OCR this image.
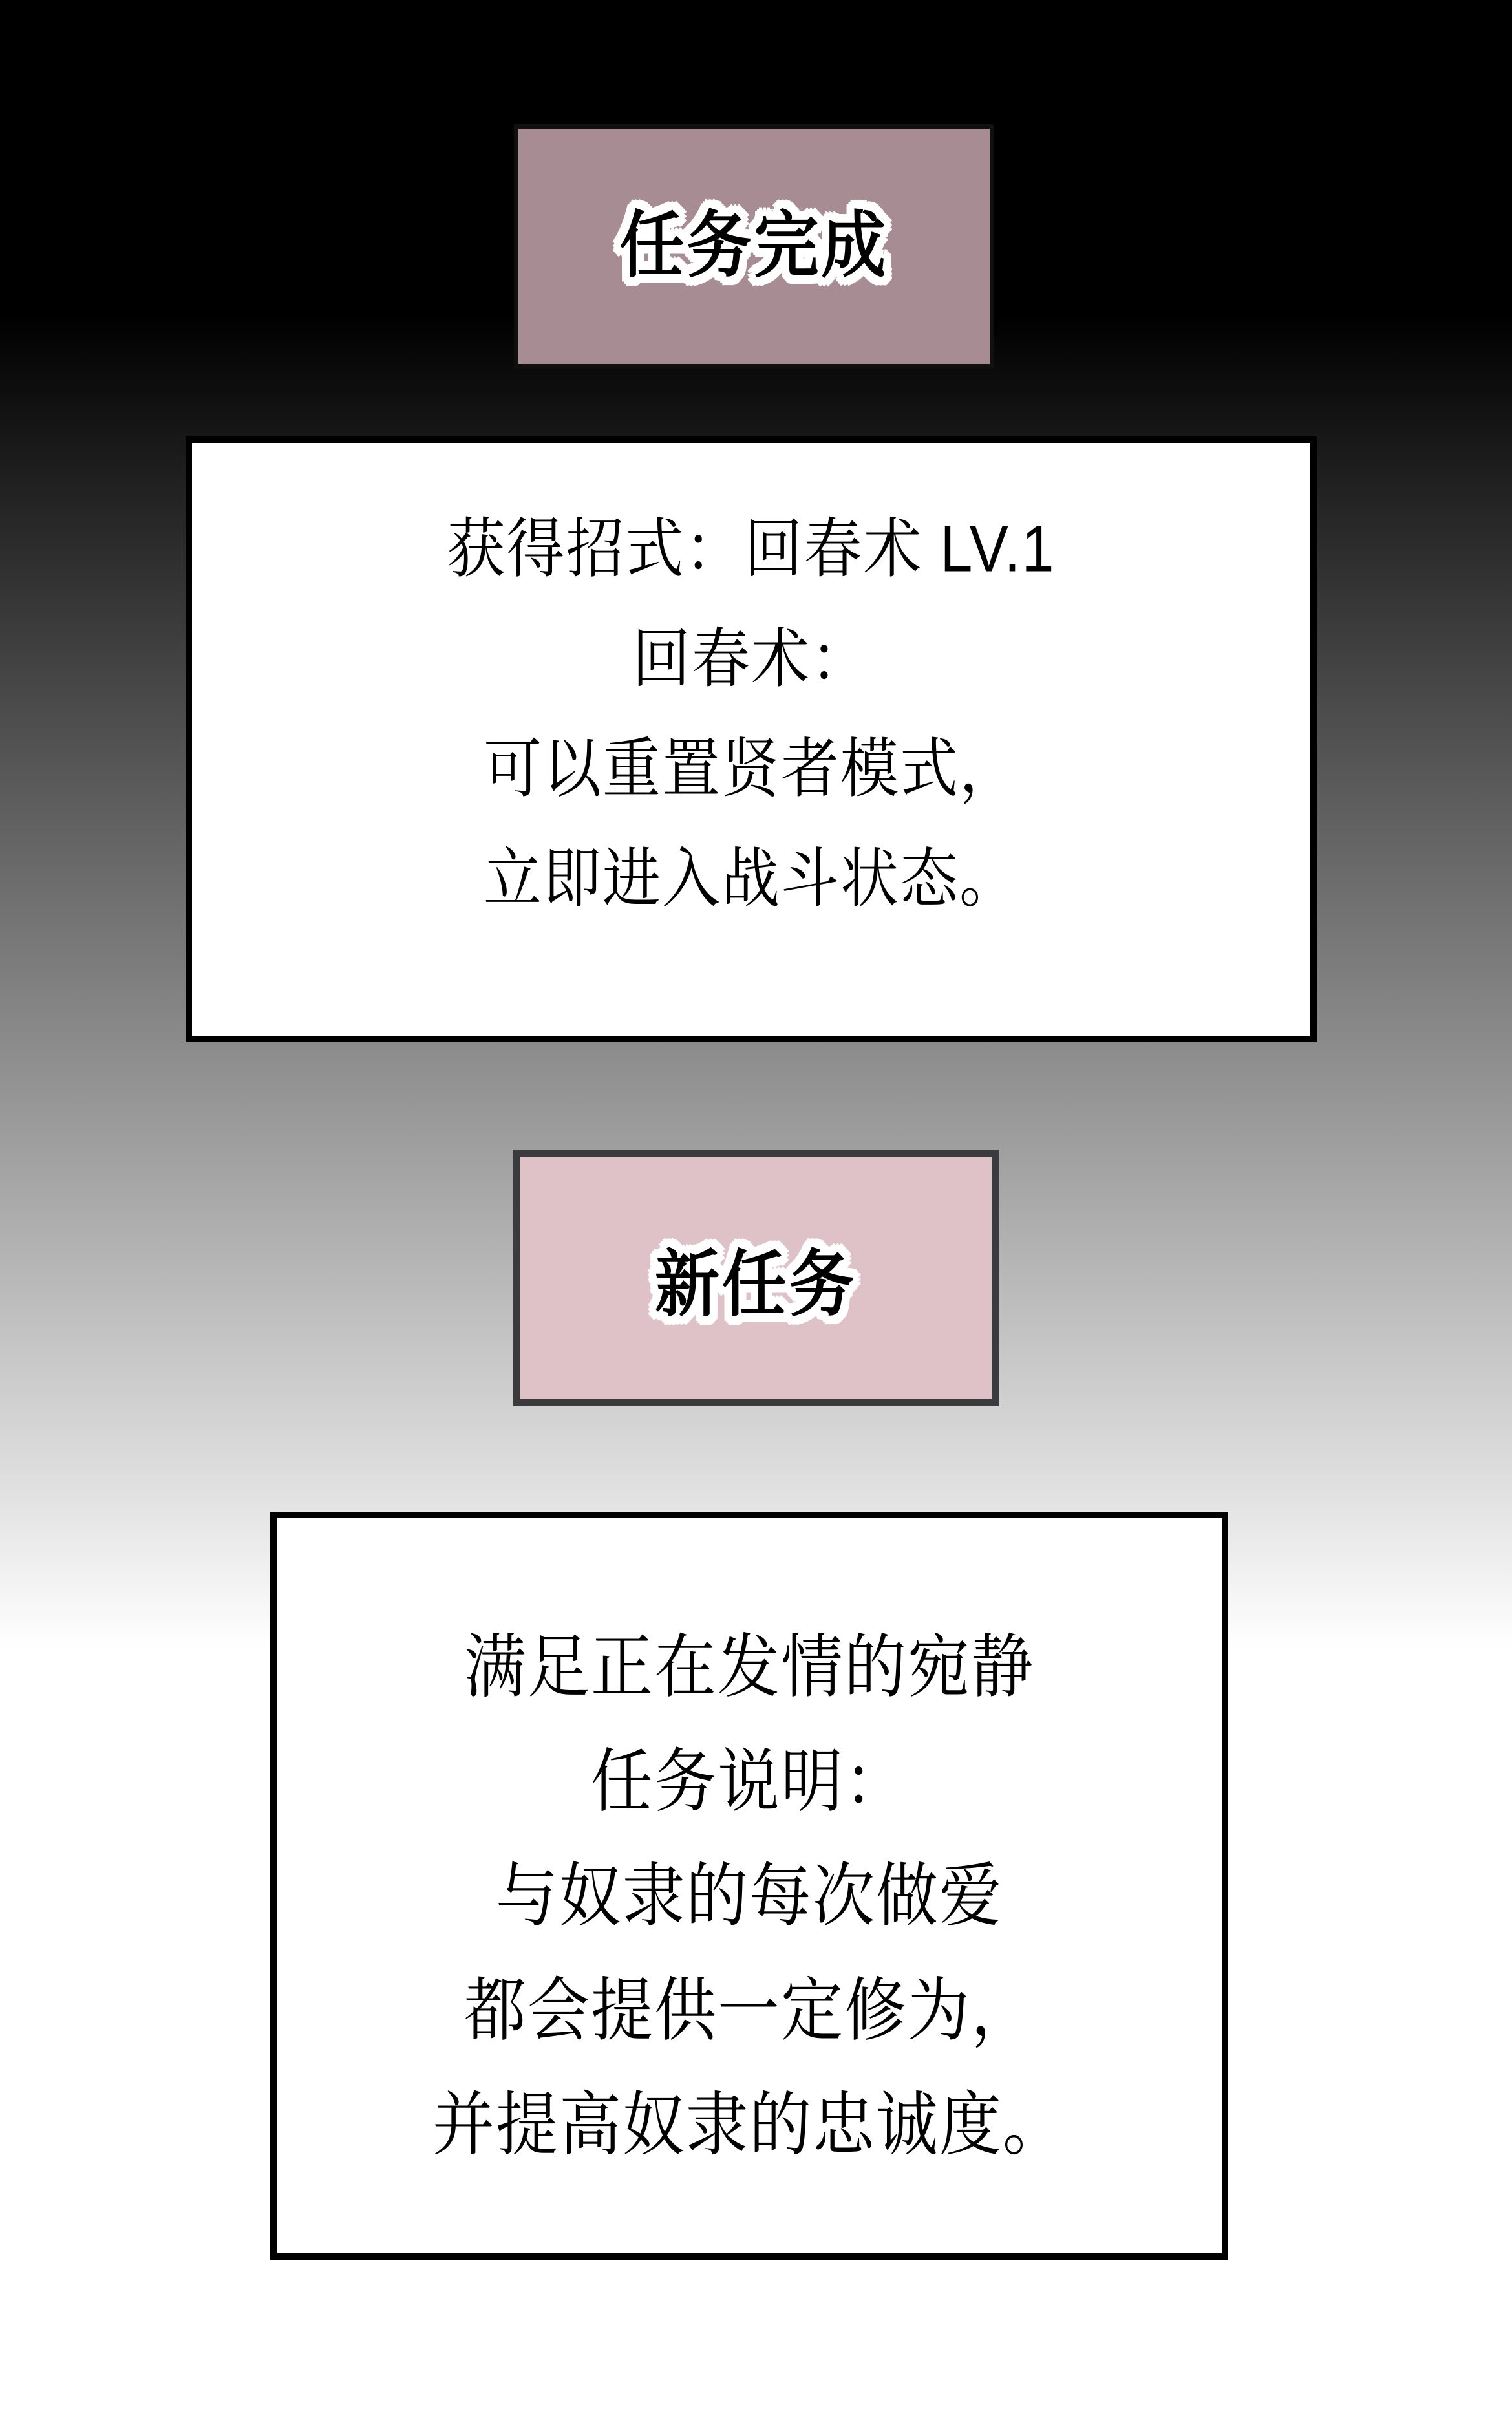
任务完成
获得招式：回春术 LV.1
回春术：
可以重置贤者模式，
立即进入战斗状态。
新任务
满足正在发情的宛静
任务说明：
与奴隶的每次做爱
都会提供一定修为，
并提高奴隶的忠诚度。
